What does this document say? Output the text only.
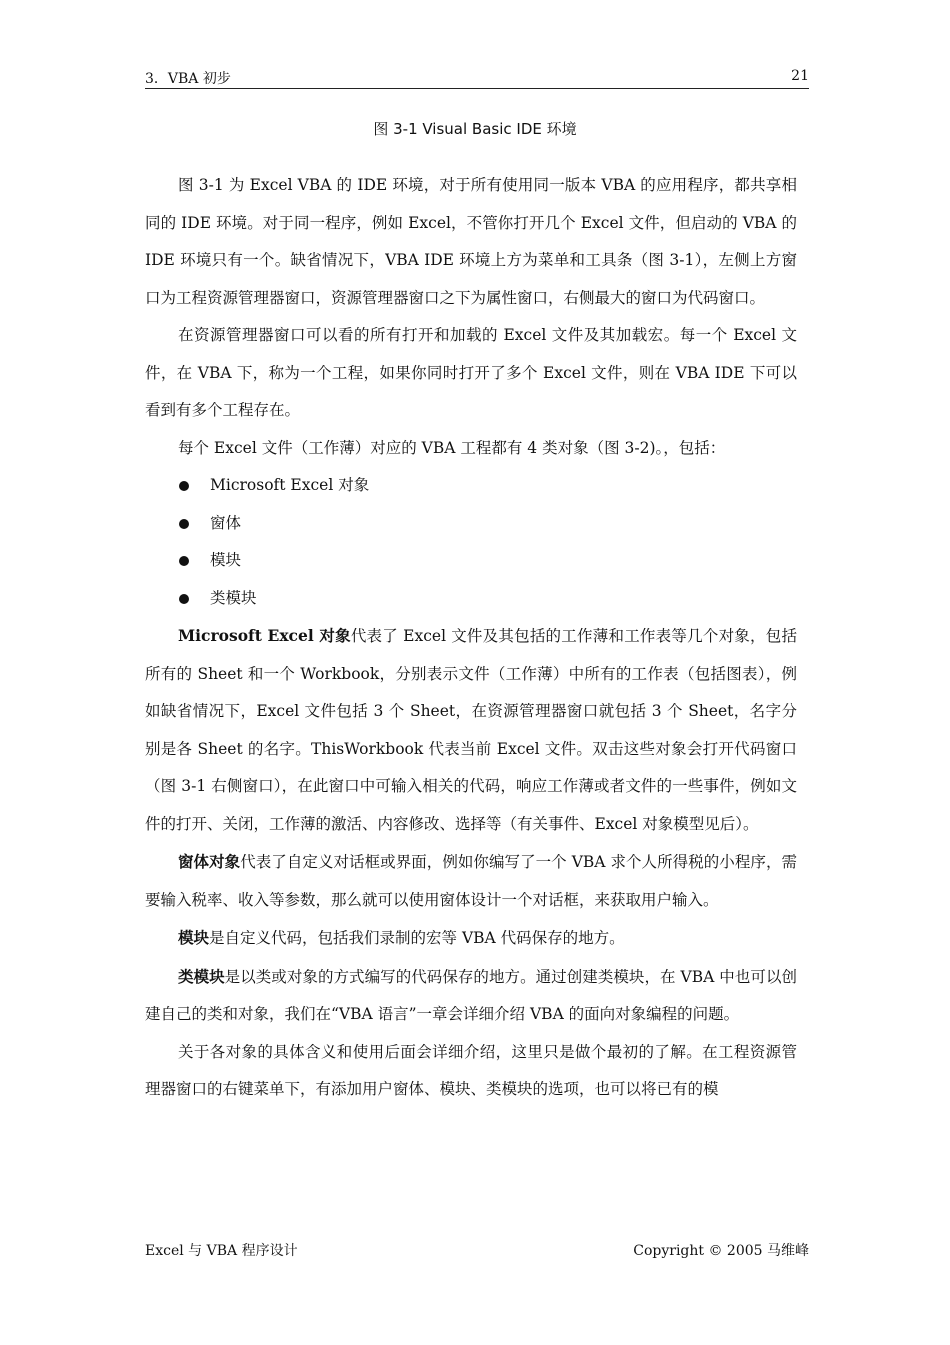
3．VBA 初步	21
图 3-1 Visual Basic IDE 环境

图 3-1 为 Excel VBA 的 IDE 环境，对于所有使用同一版本 VBA 的应用程序，都共享相同的 IDE 环境。对于同一程序，例如 Excel，不管你打开几个 Excel 文件，但启动的 VBA 的 IDE 环境只有一个。缺省情况下，VBA IDE 环境上方为菜单和工具条（图 3-1），左侧上方窗口为工程资源管理器窗口，资源管理器窗口之下为属性窗口，右侧最大的窗口为代码窗口。

在资源管理器窗口可以看的所有打开和加载的 Excel 文件及其加载宏。每一个 Excel 文件，在 VBA 下，称为一个工程，如果你同时打开了多个 Excel 文件，则在 VBA IDE 下可以看到有多个工程存在。

每个 Excel 文件（工作薄）对应的 VBA 工程都有 4 类对象（图 3-2)。，包括：

Microsoft Excel 对象

窗体

模块

类模块

Microsoft Excel 对象代表了 Excel 文件及其包括的工作薄和工作表等几个对象，包括所有的 Sheet 和一个 Workbook，分别表示文件（工作薄）中所有的工作表（包括图表），例如缺省情况下，Excel 文件包括 3 个 Sheet，在资源管理器窗口就包括 3 个 Sheet，名字分别是各 Sheet 的名字。ThisWorkbook 代表当前 Excel 文件。双击这些对象会打开代码窗口（图 3-1 右侧窗口），在此窗口中可输入相关的代码，响应工作薄或者文件的一些事件，例如文件的打开、关闭，工作薄的激活、内容修改、选择等（有关事件、Excel 对象模型见后）。

窗体对象代表了自定义对话框或界面，例如你编写了一个 VBA 求个人所得税的小程序，需要输入税率、收入等参数，那么就可以使用窗体设计一个对话框，来获取用户输入。

模块是自定义代码，包括我们录制的宏等 VBA 代码保存的地方。

类模块是以类或对象的方式编写的代码保存的地方。通过创建类模块，在 VBA 中也可以创建自己的类和对象，我们在“VBA 语言”一章会详细介绍 VBA 的面向对象编程的问题。

关于各对象的具体含义和使用后面会详细介绍，这里只是做个最初的了解。在工程资源管理器窗口的右键菜单下，有添加用户窗体、模块、类模块的选项，也可以将已有的模

Excel 与 VBA 程序设计	Copyright © 2005 马维峰
